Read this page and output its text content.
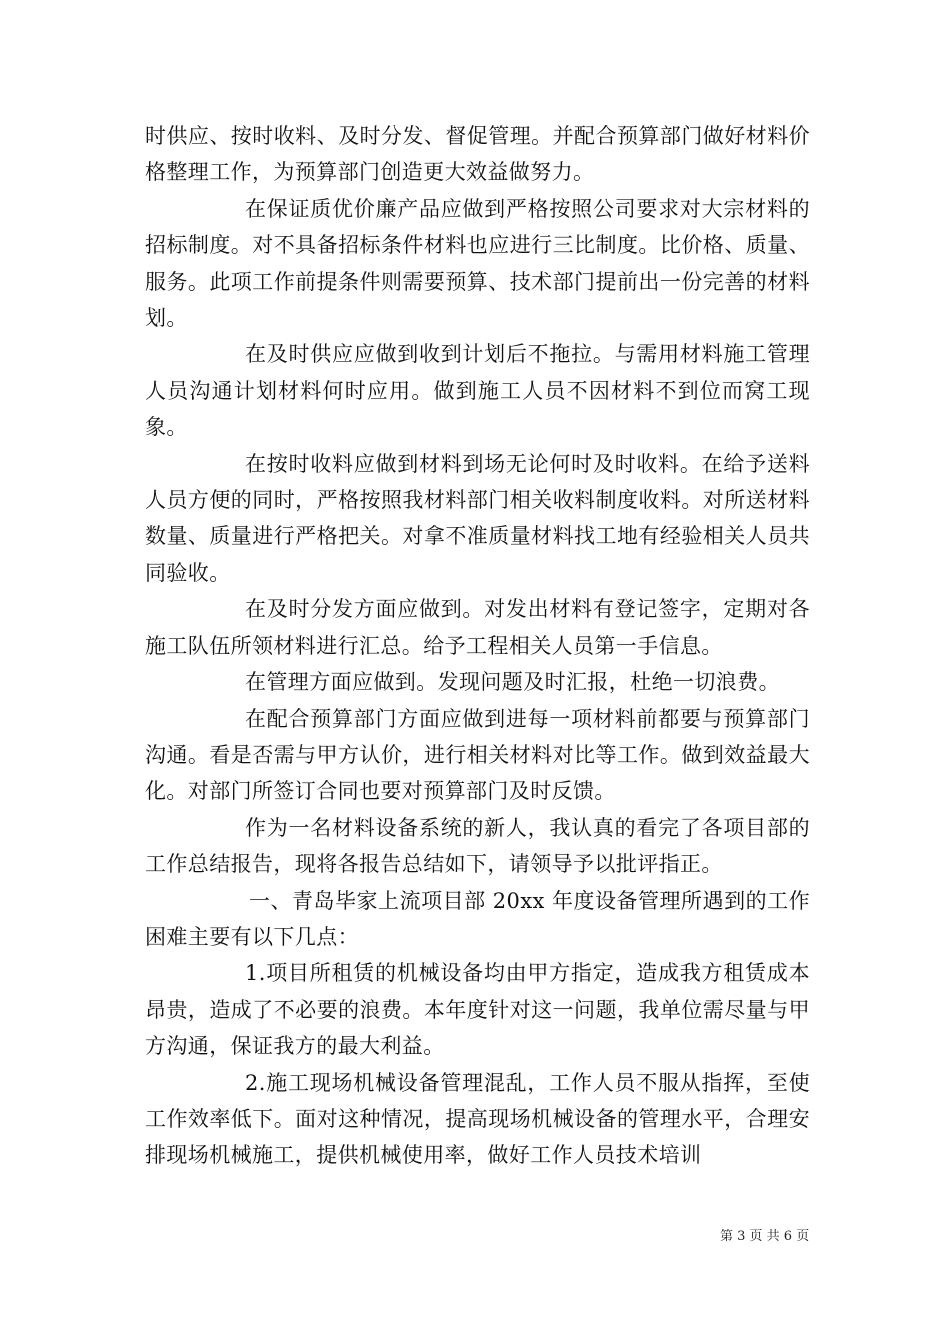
时供应、按时收料、及时分发、督促管理。并配合预算部门做好材料价格整理工作，为预算部门创造更大效益做努力。

在保证质优价廉产品应做到严格按照公司要求对大宗材料的招标制度。对不具备招标条件材料也应进行三比制度。比价格、质量、服务。此项工作前提条件则需要预算、技术部门提前出一份完善的材料划。

在及时供应应做到收到计划后不拖拉。与需用材料施工管理人员沟通计划材料何时应用。做到施工人员不因材料不到位而窝工现象。

在按时收料应做到材料到场无论何时及时收料。在给予送料人员方便的同时，严格按照我材料部门相关收料制度收料。对所送材料数量、质量进行严格把关。对拿不准质量材料找工地有经验相关人员共同验收。

在及时分发方面应做到。对发出材料有登记签字，定期对各施工队伍所领材料进行汇总。给予工程相关人员第一手信息。

在管理方面应做到。发现问题及时汇报，杜绝一切浪费。

在配合预算部门方面应做到进每一项材料前都要与预算部门沟通。看是否需与甲方认价，进行相关材料对比等工作。做到效益最大化。对部门所签订合同也要对预算部门及时反馈。

作为一名材料设备系统的新人，我认真的看完了各项目部的工作总结报告，现将各报告总结如下，请领导予以批评指正。

一、青岛毕家上流项目部 20xx 年度设备管理所遇到的工作困难主要有以下几点：

1.项目所租赁的机械设备均由甲方指定，造成我方租赁成本昂贵，造成了不必要的浪费。本年度针对这一问题，我单位需尽量与甲方沟通，保证我方的最大利益。

2.施工现场机械设备管理混乱，工作人员不服从指挥，至使工作效率低下。面对这种情况，提高现场机械设备的管理水平，合理安排现场机械施工，提供机械使用率，做好工作人员技术培训

第 3 页 共 6 页
